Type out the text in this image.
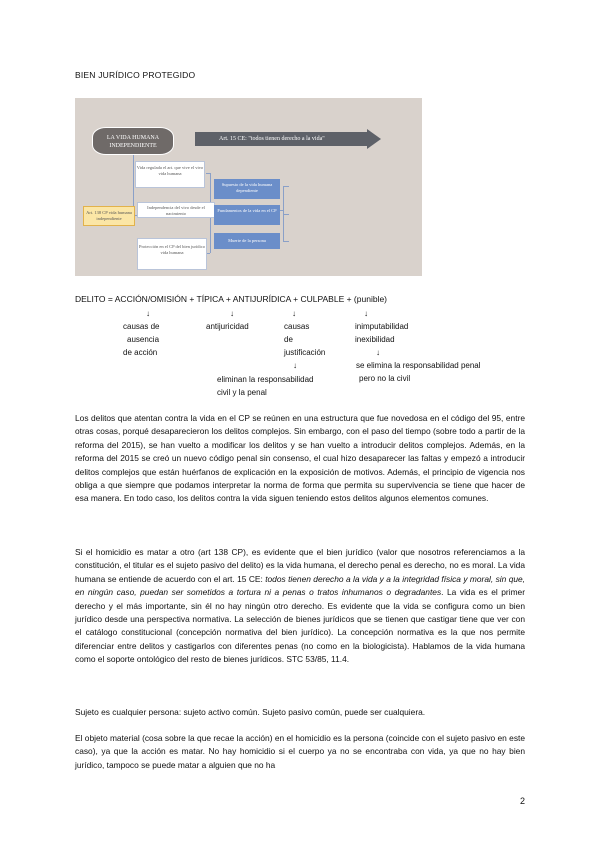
BIEN JURÍDICO PROTEGIDO
LA VIDA HUMANA INDEPENDIENTE
Art. 15 CE: "todos tienen derecho a la vida"
Vida regulada el art. que vive el vivo vida humana
Art. 138 CP vida humana independiente
Independencia del vivo desde el nacimiento
Protección en el CP del bien jurídico vida humana
Supuesto de la vida humana dependiente
Fundamentos de la vida en el CP
Muerte de la persona
DELITO = ACCIÓN/OMISIÓN + TÍPICA + ANTIJURÍDICA + CULPABLE + (punible)
↓	↓	↓	↓
causas de
ausencia
de acción
antijuricidad	causas
de
justificación
inimputabilidad
inexibilidad
↓
↓
se elimina la responsabilidad penal
pero no la civil
eliminan la responsabilidad
civil y la penal
Los delitos que atentan contra la vida en el CP se reúnen en una estructura que fue novedosa en el código del 95, entre otras cosas, porqué desaparecieron los delitos complejos. Sin embargo, con el paso del tiempo (sobre todo a partir de la reforma del 2015), se han vuelto a modificar los delitos y se han vuelto a introducir delitos complejos. Además, en la reforma del 2015 se creó un nuevo código penal sin consenso, el cual hizo desaparecer las faltas y empezó a introducir delitos complejos que están huérfanos de explicación en la exposición de motivos. Además, el principio de vigencia nos obliga a que siempre que podamos interpretar la norma de forma que permita su supervivencia se tiene que hacer de esa manera. En todo caso, los delitos contra la vida siguen teniendo estos delitos algunos elementos comunes.
Si el homicidio es matar a otro (art 138 CP), es evidente que el bien jurídico (valor que nosotros referenciamos a la constitución, el titular es el sujeto pasivo del delito) es la vida humana, el derecho penal es derecho, no es moral. La vida humana se entiende de acuerdo con el art. 15 CE: todos tienen derecho a la vida y a la integridad física y moral, sin que, en ningún caso, puedan ser sometidos a tortura ni a penas o tratos inhumanos o degradantes. La vida es el primer derecho y el más importante, sin él no hay ningún otro derecho. Es evidente que la vida se configura como un bien jurídico desde una perspectiva normativa. La selección de bienes jurídicos que se tienen que castigar tiene que ver con el catálogo constitucional (concepción normativa del bien jurídico). La concepción normativa es la que nos permite diferenciar entre delitos y castigarlos con diferentes penas (no como en la biologicista). Hablamos de la vida humana como el soporte ontológico del resto de bienes jurídicos. STC 53/85, 11.4.
Sujeto es cualquier persona: sujeto activo común. Sujeto pasivo común, puede ser cualquiera.
El objeto material (cosa sobre la que recae la acción) en el homicidio es la persona (coincide con el sujeto pasivo en este caso), ya que la acción es matar. No hay homicidio si el cuerpo ya no se encontraba con vida, ya que no hay bien jurídico, tampoco se puede matar a alguien que no ha
2
